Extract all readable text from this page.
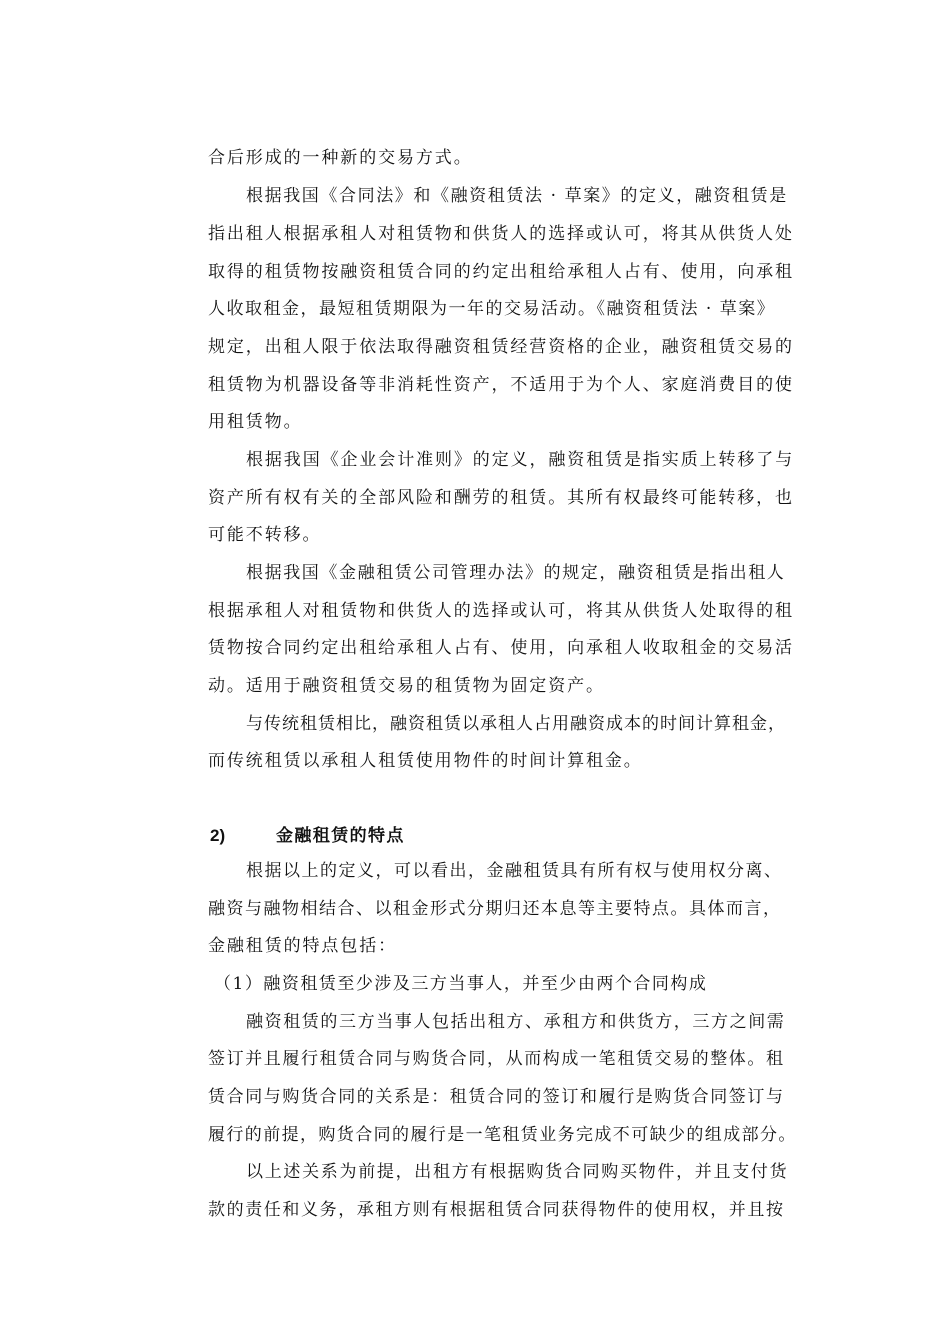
合后形成的一种新的交易方式。
根据我国《合同法》和《融资租赁法 · 草案》的定义，融资租赁是
指出租人根据承租人对租赁物和供货人的选择或认可，将其从供货人处
取得的租赁物按融资租赁合同的约定出租给承租人占有、使用，向承租
人收取租金，最短租赁期限为一年的交易活动。《融资租赁法 · 草案》
规定，出租人限于依法取得融资租赁经营资格的企业，融资租赁交易的
租赁物为机器设备等非消耗性资产，不适用于为个人、家庭消费目的使
用租赁物。
根据我国《企业会计准则》的定义，融资租赁是指实质上转移了与
资产所有权有关的全部风险和酬劳的租赁。其所有权最终可能转移，也
可能不转移。
根据我国《金融租赁公司管理办法》的规定，融资租赁是指出租人
根据承租人对租赁物和供货人的选择或认可，将其从供货人处取得的租
赁物按合同约定出租给承租人占有、使用，向承租人收取租金的交易活
动。适用于融资租赁交易的租赁物为固定资产。
与传统租赁相比，融资租赁以承租人占用融资成本的时间计算租金，
而传统租赁以承租人租赁使用物件的时间计算租金。
2)	金融租赁的特点
根据以上的定义，可以看出，金融租赁具有所有权与使用权分离、
融资与融物相结合、以租金形式分期归还本息等主要特点。具体而言，
金融租赁的特点包括：
（1）融资租赁至少涉及三方当事人，并至少由两个合同构成
融资租赁的三方当事人包括出租方、承租方和供货方，三方之间需
签订并且履行租赁合同与购货合同，从而构成一笔租赁交易的整体。租
赁合同与购货合同的关系是：租赁合同的签订和履行是购货合同签订与
履行的前提，购货合同的履行是一笔租赁业务完成不可缺少的组成部分。
以上述关系为前提，出租方有根据购货合同购买物件，并且支付货
款的责任和义务，承租方则有根据租赁合同获得物件的使用权，并且按
